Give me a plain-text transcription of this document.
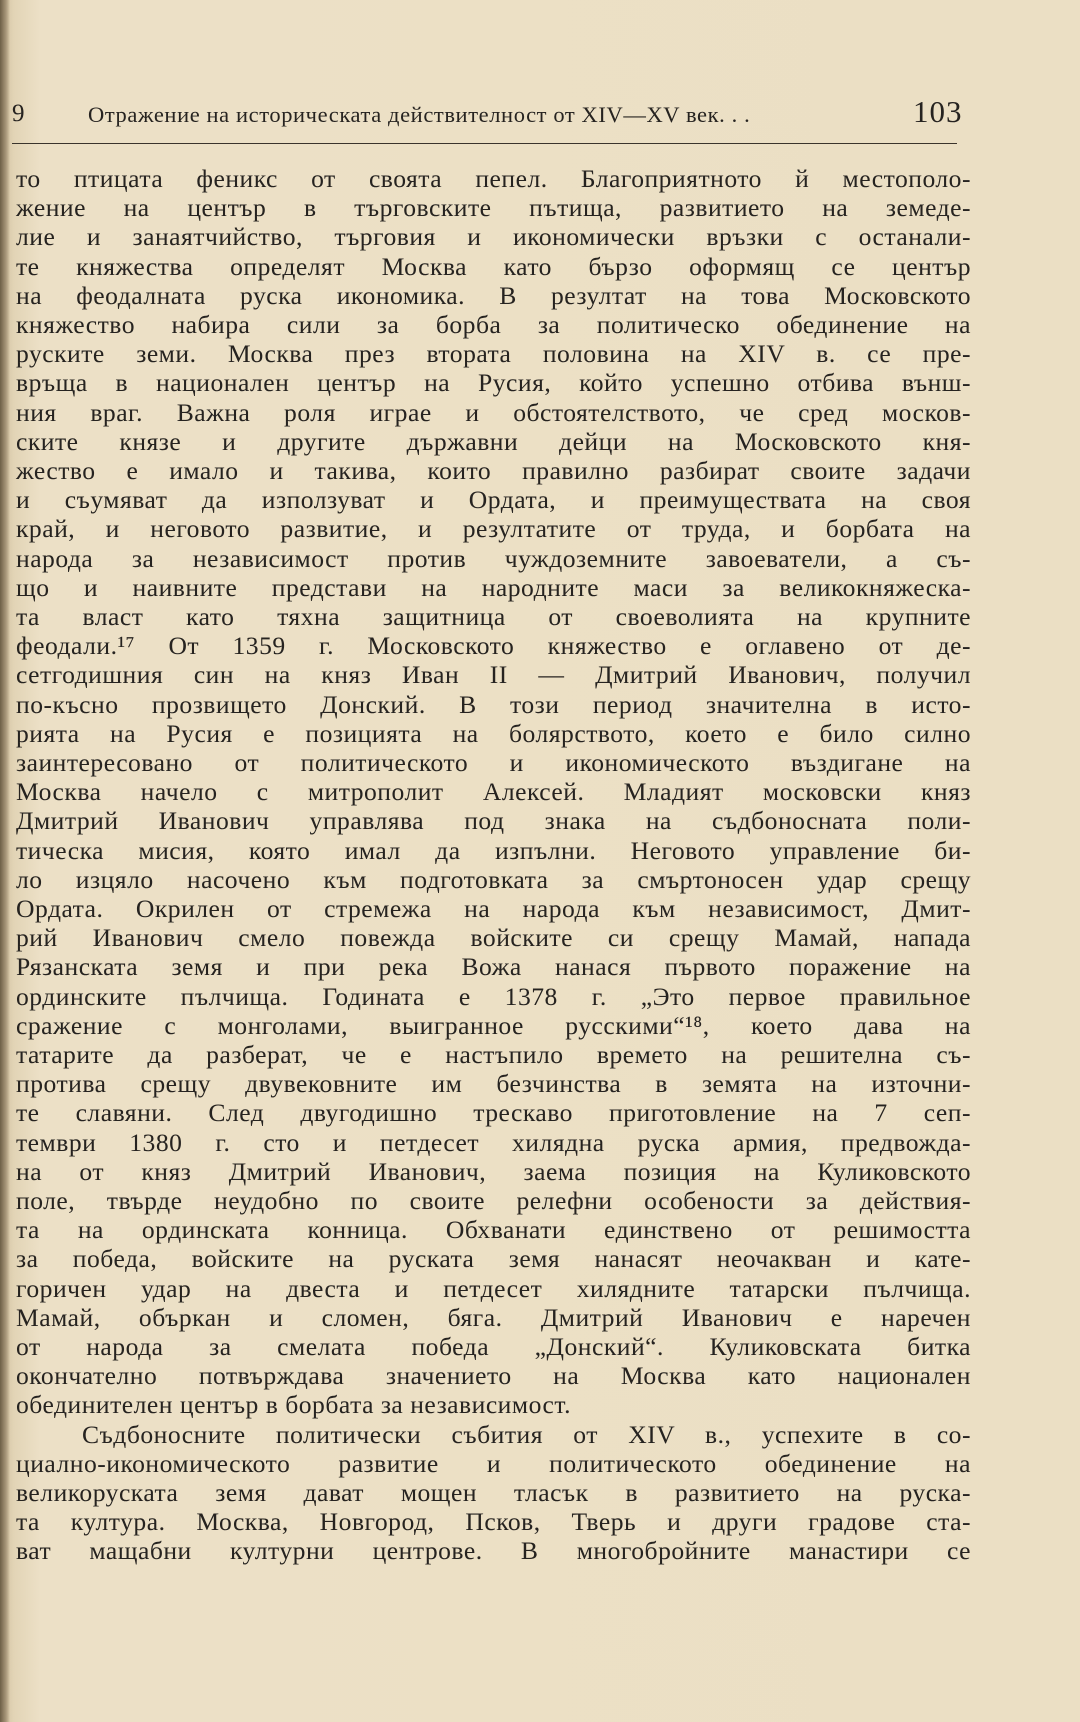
9	Отражение на историческата действителност от XIV—XV век. . .	103
то птицата феникс от своята пепел. Благоприятното й местополо-
жение на център в търговските пътища, развитието на земеде-
лие и занаятчийство, търговия и икономически връзки с останали-
те княжества определят Москва като бързо оформящ се център
на феодалната руска икономика. В резултат на това Московското
княжество набира сили за борба за политическо обединение на
руските земи. Москва през втората половина на XIV в. се пре-
връща в национален център на Русия, който успешно отбива външ-
ния враг. Важна роля играе и обстоятелството, че сред москов-
ските князе и другите държавни дейци на Московското кня-
жество е имало и такива, които правилно разбират своите задачи
и съумяват да използуват и Ордата, и преимуществата на своя
край, и неговото развитие, и резултатите от труда, и борбата на
народа за независимост против чуждоземните завоеватели, а съ-
що и наивните представи на народните маси за великокняжеска-
та власт като тяхна защитница от своеволията на крупните
феодали.¹⁷ От 1359 г. Московското княжество е оглавено от де-
сетгодишния син на княз Иван II — Дмитрий Иванович, получил
по-късно прозвището Донский. В този период значителна в исто-
рията на Русия е позицията на болярството, което е било силно
заинтересовано от политическото и икономическото въздигане на
Москва начело с митрополит Алексей. Младият московски княз
Дмитрий Иванович управлява под знака на съдбоносната поли-
тическа мисия, която имал да изпълни. Неговото управление би-
ло изцяло насочено към подготовката за смъртоносен удар срещу
Ордата. Окрилен от стремежа на народа към независимост, Дмит-
рий Иванович смело повежда войските си срещу Мамай, напада
Рязанската земя и при река Вожа нанася първото поражение на
ординските пълчища. Годината е 1378 г. „Это первое правильное
сражение с монголами, выигранное русскими“¹⁸, което дава на
татарите да разберат, че е настъпило времето на решителна съ-
протива срещу двувековните им безчинства в земята на източни-
те славяни. След двугодишно трескаво приготовление на 7 сеп-
тември 1380 г. сто и петдесет хилядна руска армия, предвожда-
на от княз Дмитрий Иванович, заема позиция на Куликовското
поле, твърде неудобно по своите релефни особености за действия-
та на ординската конница. Обхванати единствено от решимостта
за победа, войските на руската земя нанасят неочакван и кате-
горичен удар на двеста и петдесет хилядните татарски пълчища.
Мамай, объркан и сломен, бяга. Дмитрий Иванович е наречен
от народа за смелата победа „Донский“. Куликовската битка
окончателно потвърждава значението на Москва като национален
обединителен център в борбата за независимост.
Съдбоносните политически събития от XIV в., успехите в со-
циално-икономическото развитие и политическото обединение на
великоруската земя дават мощен тласък в развитието на руска-
та култура. Москва, Новгород, Псков, Тверь и други градове ста-
ват мащабни културни центрове. В многобройните манастири се
